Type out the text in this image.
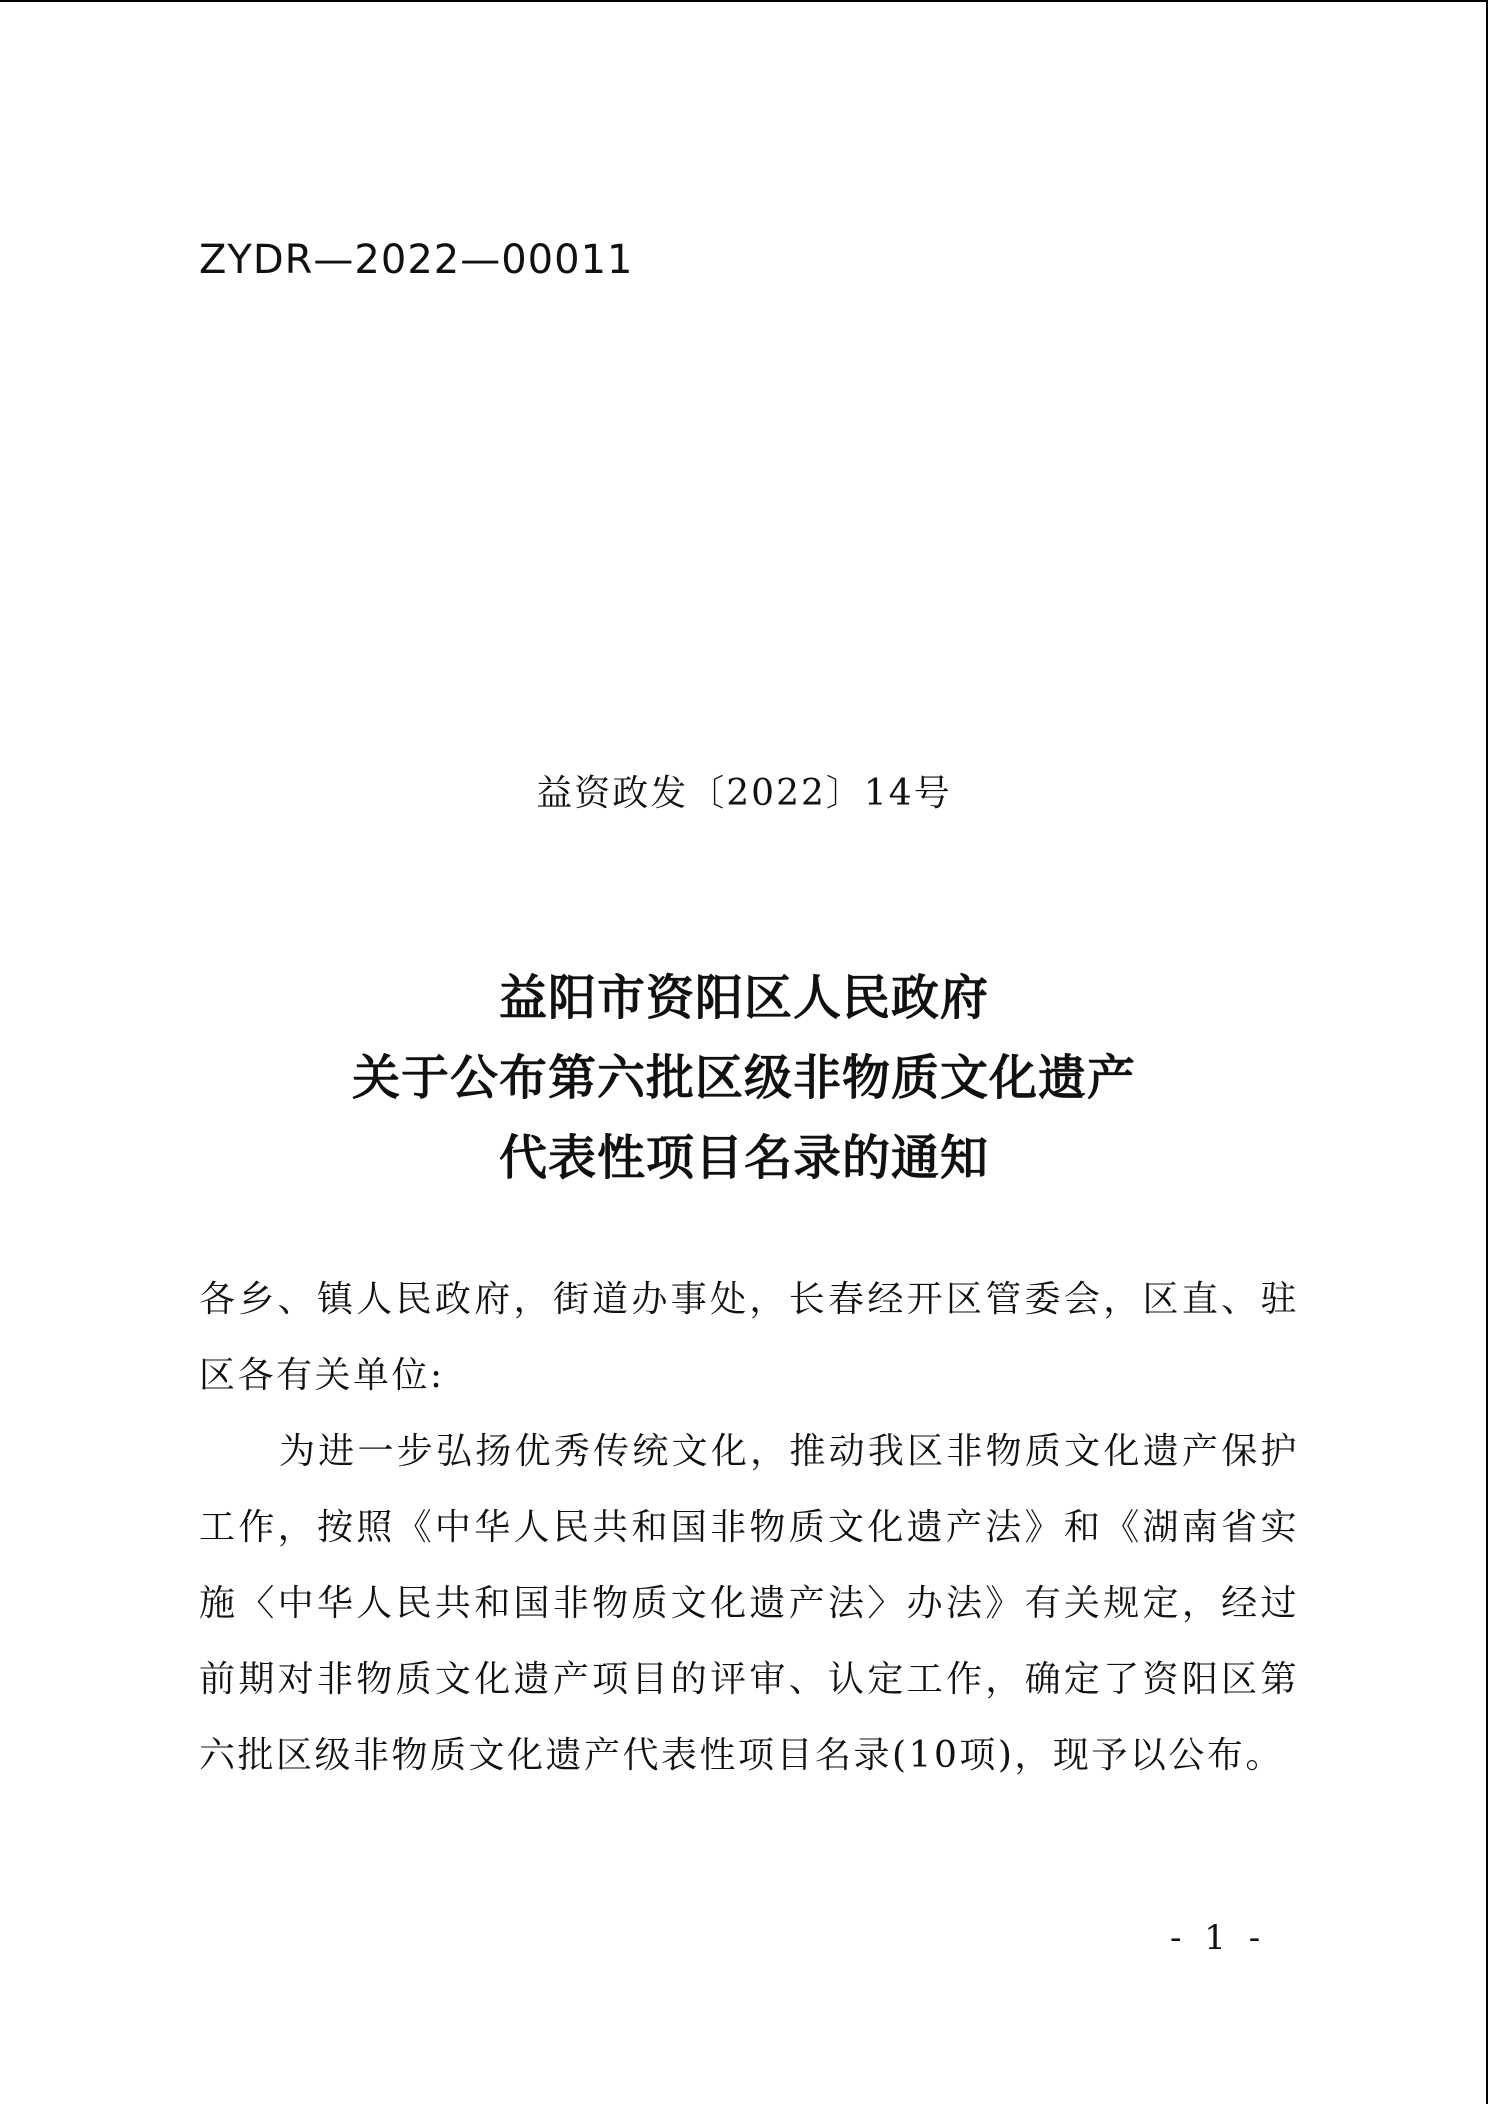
ZYDR—2022—00011
益资政发〔2022〕14号
益阳市资阳区人民政府
关于公布第六批区级非物质文化遗产
代表性项目名录的通知

各乡、镇人民政府，街道办事处，长春经开区管委会，区直、驻区各有关单位:

为进一步弘扬优秀传统文化，推动我区非物质文化遗产保护工作，按照《中华人民共和国非物质文化遗产法》和《湖南省实施〈中华人民共和国非物质文化遗产法〉办法》有关规定，经过前期对非物质文化遗产项目的评审、认定工作，确定了资阳区第六批区级非物质文化遗产代表性项目名录(10项)，现予以公布。

- 1 -
